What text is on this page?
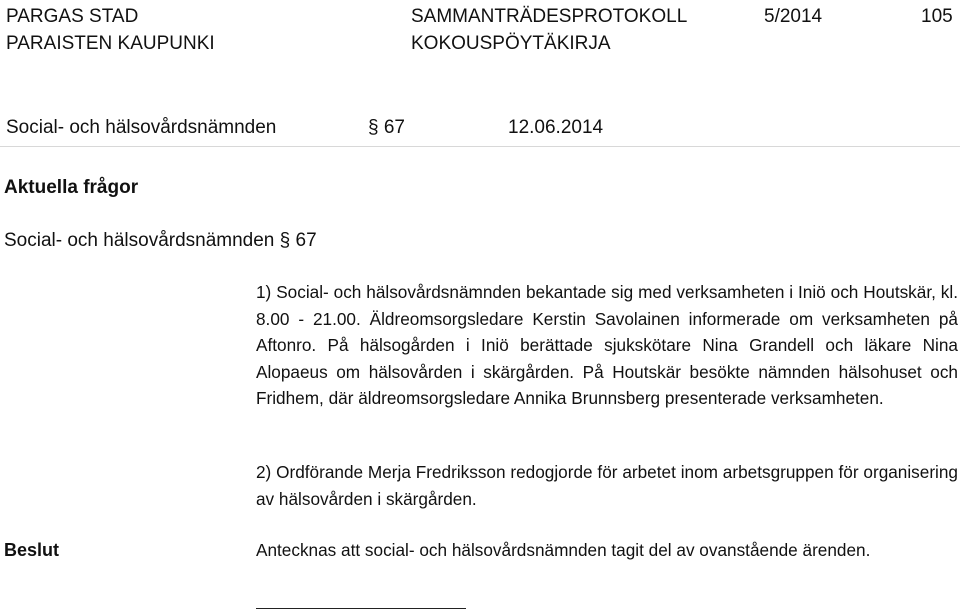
PARGAS STAD
PARAISTEN KAUPUNKI
SAMMANTRÄDESPROTOKOLL
KOKOUSPÖYTÄKIRJA
5/2014	105
Social- och hälsovårdsnämnden	§ 67	12.06.2014
Aktuella frågor
Social- och hälsovårdsnämnden § 67

1) Social- och hälsovårdsnämnden bekantade sig med verksamheten i Iniö och Houtskär, kl. 8.00 - 21.00. Äldreomsorgsledare Kerstin Savolainen informerade om verksamheten på Aftonro. På hälsogården i Iniö berättade sjukskötare Nina Grandell och läkare Nina Alopaeus om hälsovården i skärgården. På Houtskär besökte nämnden hälsohuset och Fridhem, där äldreomsorgsledare Annika Brunnsberg presenterade verksamheten.

2) Ordförande Merja Fredriksson redogjorde för arbetet inom arbetsgruppen för organisering av hälsovården i skärgården.

Beslut	Antecknas att social- och hälsovårdsnämnden tagit del av ovanstående ärenden.
